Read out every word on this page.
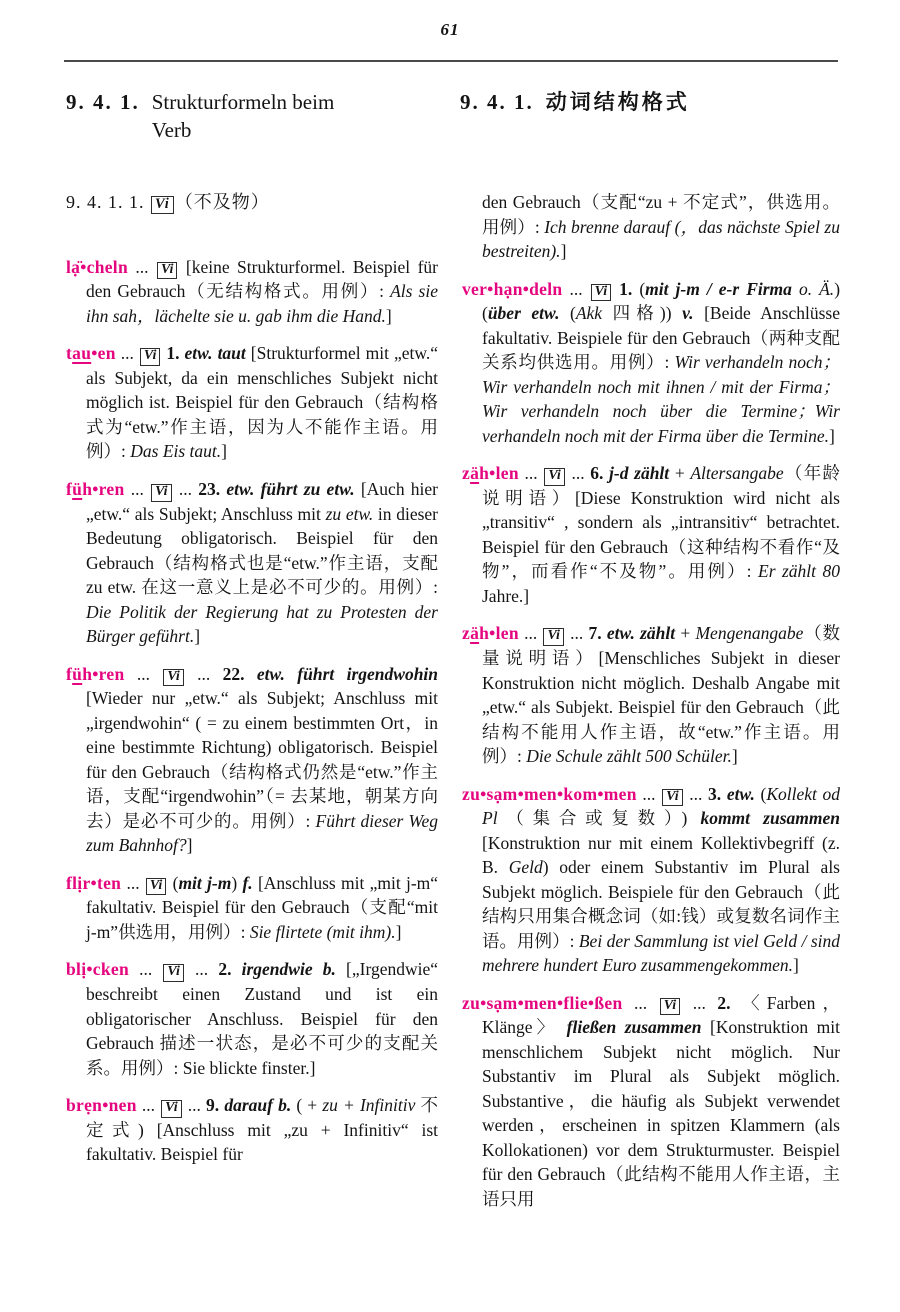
61
9. 4. 1. Strukturformeln beim Verb
9. 4. 1. 动词结构格式

9. 4. 1. 1. Vi （不及物）

lạ̈•cheln ... Vi [keine Strukturformel. Beispiel für den Gebrauch（无结构格式。用例）: Als sie ihn sah，lächelte sie u. gab ihm die Hand.]

tau•en ... Vi 1. etw. taut [Strukturformel mit „etw.“ als Subjekt, da ein menschliches Subjekt nicht möglich ist. Beispiel für den Gebrauch（结构格式为“etw.”作主语，因为人不能作主语。用例）: Das Eis taut.]

füh•ren ... Vi ... 23. etw. führt zu etw. [Auch hier „etw.“ als Subjekt; Anschluss mit zu etw. in dieser Bedeutung obligatorisch. Beispiel für den Gebrauch（结构格式也是“etw.”作主语，支配 zu etw. 在这一意义上是必不可少的。用例）: Die Politik der Regierung hat zu Protesten der Bürger geführt.]

füh•ren ... Vi ... 22. etw. führt irgendwohin [Wieder nur „etw.“ als Subjekt; Anschluss mit „irgendwohin“ ( = zu einem bestimmten Ort，in eine bestimmte Richtung) obligatorisch. Beispiel für den Gebrauch（结构格式仍然是“etw.”作主语，支配“irgendwohin”（= 去某地，朝某方向去）是必不可少的。用例）: Führt dieser Weg zum Bahnhof?]

flịr•ten ... Vi (mit j-m) f. [Anschluss mit „mit j-m“ fakultativ. Beispiel für den Gebrauch（支配“mit j-m”供选用，用例）: Sie flirtete (mit ihm).]

blị•cken ... Vi ... 2. irgendwie b. [„Irgendwie“ beschreibt einen Zustand und ist ein obligatorischer Anschluss. Beispiel für den Gebrauch 描述一状态，是必不可少的支配关系。用例）: Sie blickte finster.]

brẹn•nen ... Vi ... 9. darauf b. ( + zu + Infinitiv 不定式) [Anschluss mit „zu + Infinitiv“ ist fakultativ. Beispiel für

den Gebrauch（支配“zu + 不定式”，供选用。用例）: Ich brenne darauf (，das nächste Spiel zu bestreiten).]

ver•hạn•deln ... Vi 1. (mit j-m / e-r Firma o. Ä.) (über etw. (Akk 四格)) v. [Beide Anschlüsse fakultativ. Beispiele für den Gebrauch（两种支配关系均供选用。用例）: Wir verhandeln noch；Wir verhandeln noch mit ihnen / mit der Firma；Wir verhandeln noch über die Termine；Wir verhandeln noch mit der Firma über die Termine.]

zäh•len ... Vi ... 6. j-d zählt + Altersangabe（年龄说明语）[Diese Konstruktion wird nicht als „transitiv“ , sondern als „intransitiv“ betrachtet. Beispiel für den Gebrauch（这种结构不看作“及物”，而看作“不及物”。用例）: Er zählt 80 Jahre.]

zäh•len ... Vi ... 7. etw. zählt + Mengenangabe（数量说明语）[Menschliches Subjekt in dieser Konstruktion nicht möglich. Deshalb Angabe mit „etw.“ als Subjekt. Beispiel für den Gebrauch（此结构不能用人作主语，故“etw.”作主语。用例）: Die Schule zählt 500 Schüler.]

zu•sạm•men•kom•men ... Vi ... 3. etw. (Kollekt od Pl（集合或复数）) kommt zusammen [Konstruktion nur mit einem Kollektivbegriff (z. B. Geld) oder einem Substantiv im Plural als Subjekt möglich. Beispiele für den Gebrauch（此结构只用集合概念词（如:钱）或复数名词作主语。用例）: Bei der Sammlung ist viel Geld / sind mehrere hundert Euro zusammengekommen.]

zu•sạm•men•flie•ßen ... Vi ... 2. 〈Farben，Klänge〉 fließen zusammen [Konstruktion mit menschlichem Subjekt nicht möglich. Nur Substantiv im Plural als Subjekt möglich. Substantive，die häufig als Subjekt verwendet werden，erscheinen in spitzen Klammern (als Kollokationen) vor dem Strukturmuster. Beispiel für den Gebrauch（此结构不能用人作主语，主语只用
